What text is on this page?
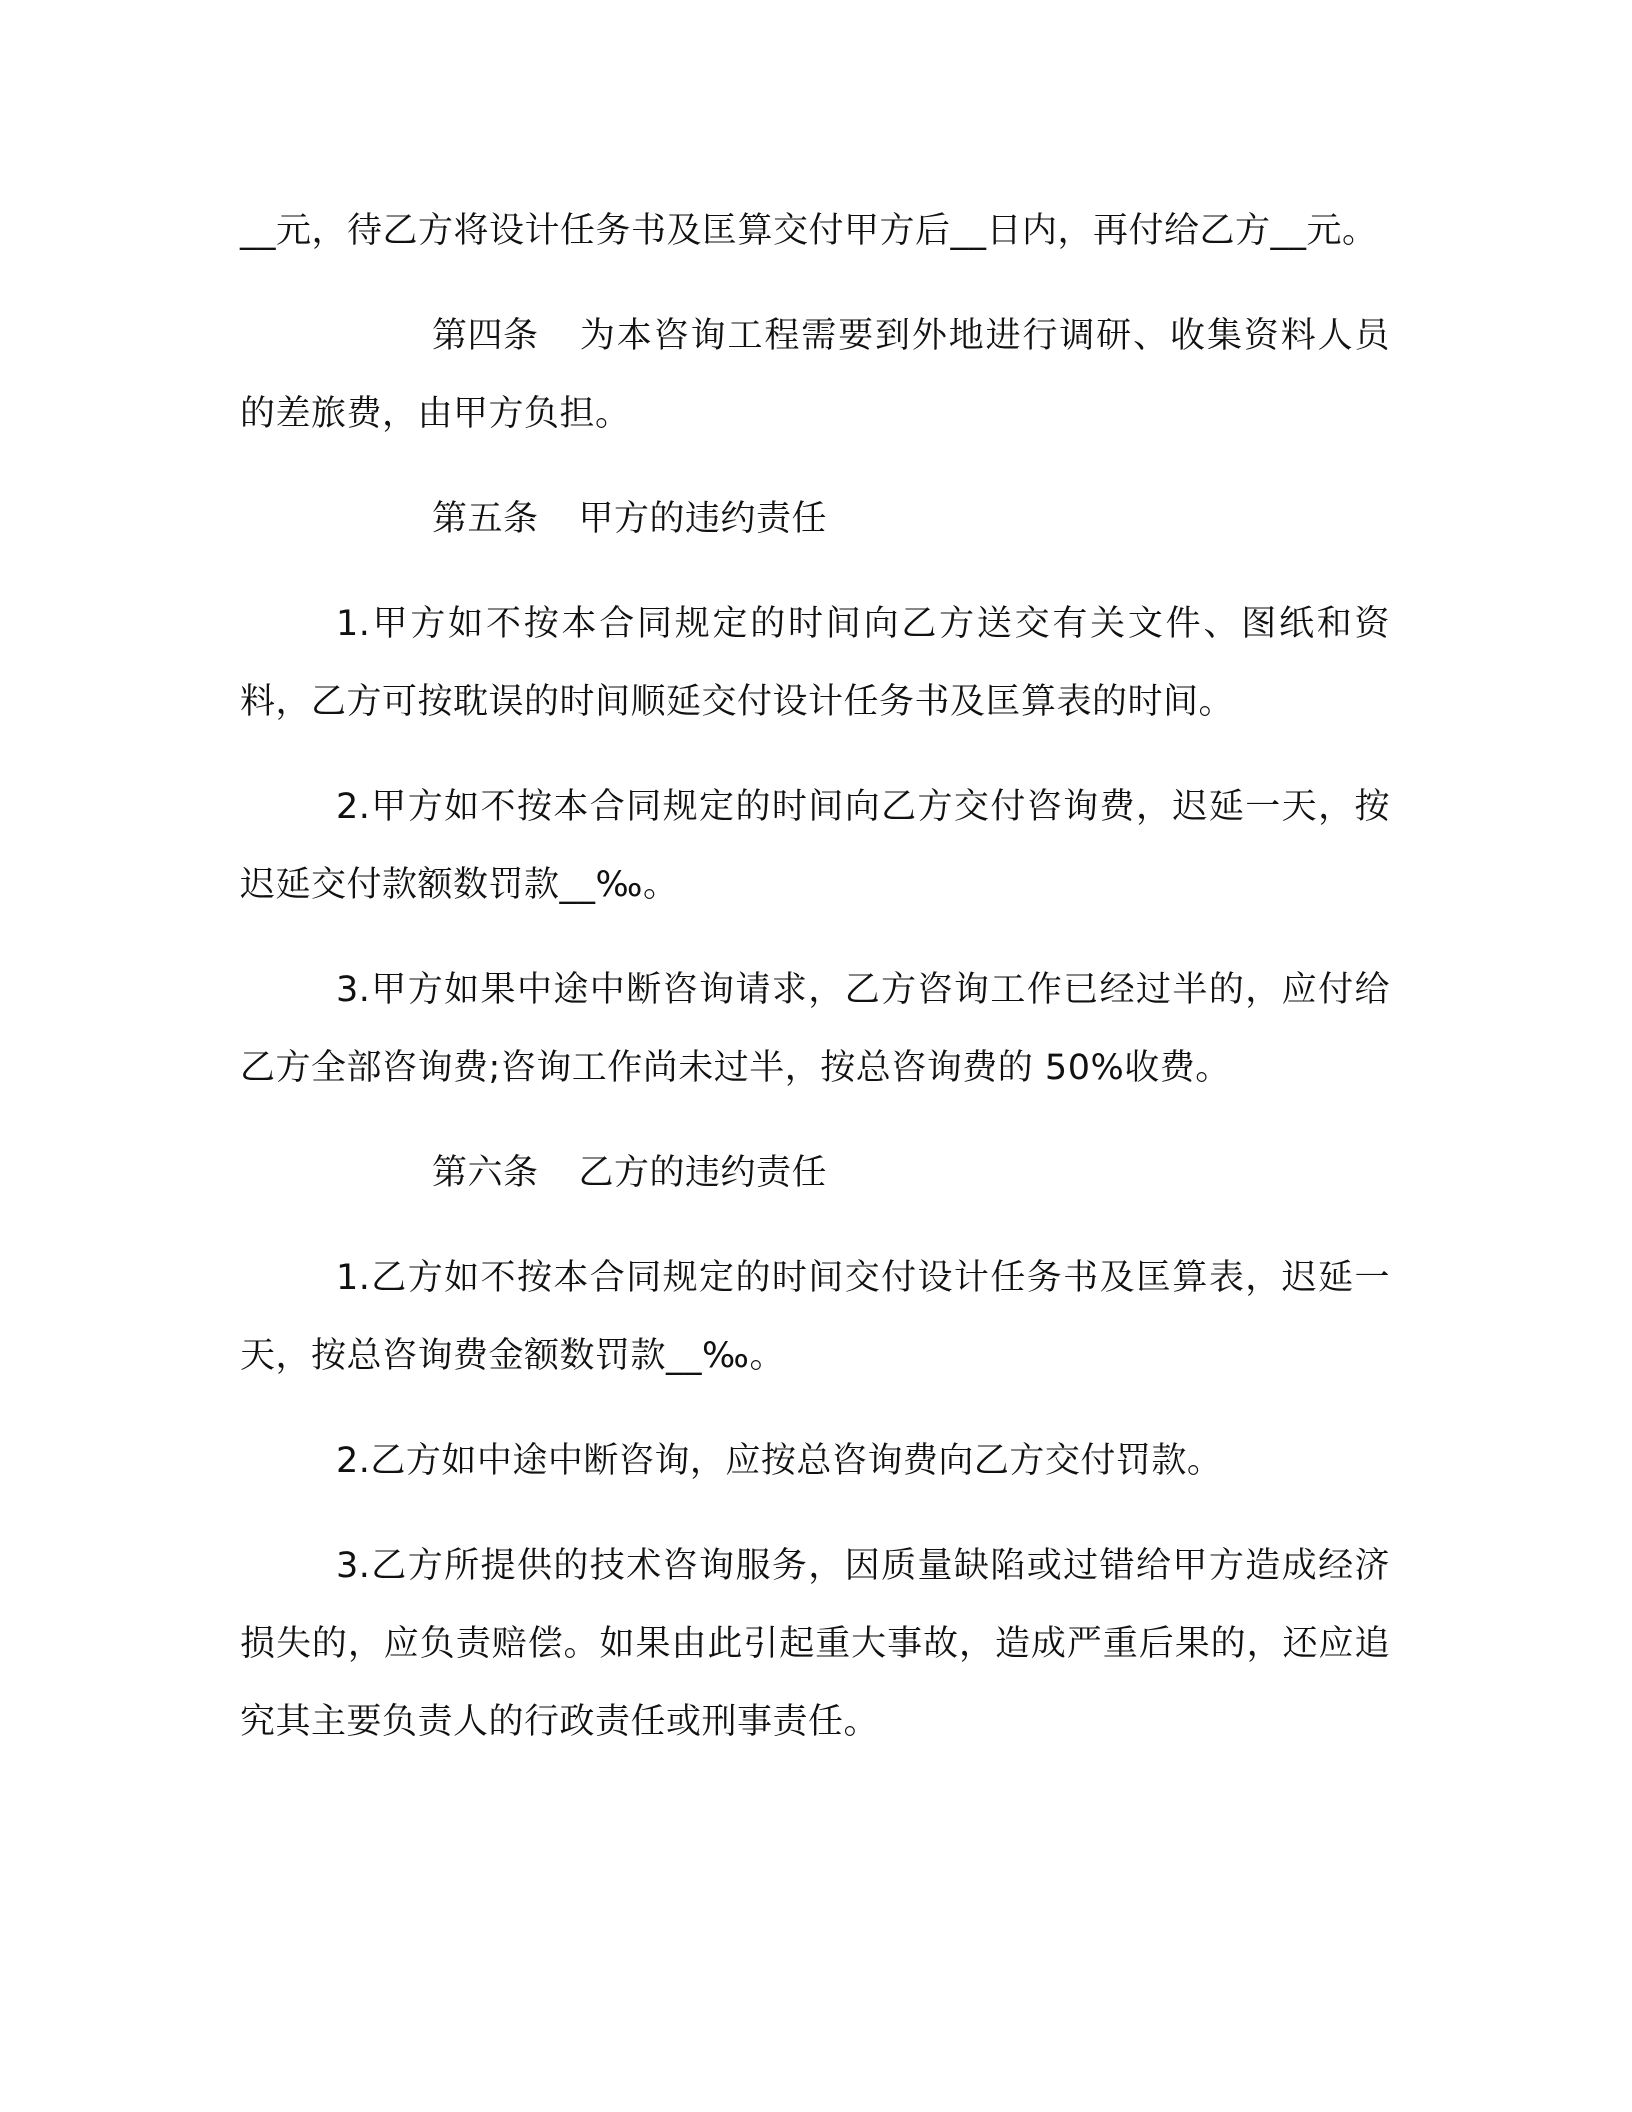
__元，待乙方将设计任务书及匡算交付甲方后__日内，再付给乙方__元。

第四条 为本咨询工程需要到外地进行调研、收集资料人员的差旅费，由甲方负担。

第五条 甲方的违约责任

1.甲方如不按本合同规定的时间向乙方送交有关文件、图纸和资料，乙方可按耽误的时间顺延交付设计任务书及匡算表的时间。

2.甲方如不按本合同规定的时间向乙方交付咨询费，迟延一天，按迟延交付款额数罚款__‰。

3.甲方如果中途中断咨询请求，乙方咨询工作已经过半的，应付给乙方全部咨询费;咨询工作尚未过半，按总咨询费的 50%收费。

第六条 乙方的违约责任

1.乙方如不按本合同规定的时间交付设计任务书及匡算表，迟延一天，按总咨询费金额数罚款__‰。

2.乙方如中途中断咨询，应按总咨询费向乙方交付罚款。

3.乙方所提供的技术咨询服务，因质量缺陷或过错给甲方造成经济损失的，应负责赔偿。如果由此引起重大事故，造成严重后果的，还应追究其主要负责人的行政责任或刑事责任。
